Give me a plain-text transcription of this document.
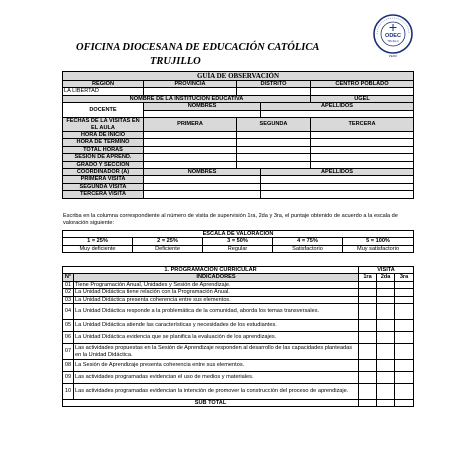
OFICINA DIOCESANA DE EDUCACIÓN CATÓLICA
TRUJILLO
ODEC
TRUJILLO
PERÚ
GUÍA DE OBSERVACIÓN				
REGIÓN	PROVINCIA	DISTRITO		CENTRO POBLADO
LA LIBERTAD				
NOMBRE DE LA INSTITUCIÓN EDUCATIVA				UGEL
DOCENTE	NOMBRES		APELLIDOS	

FECHAS DE LA VISITAS EN EL AULA	PRIMERA	SEGUNDA		TERCERA
HORA DE INICIO				
HORA DE TÉRMINO				
TOTAL HORAS				
SESIÓN DE APREND.				
GRADO Y SECCIÓN				
COORDINADOR (A)	NOMBRES		APELLIDOS	
PRIMERA VISITA				
SEGUNDA VISITA				
TERCERA VISITA				
Escriba en la columna correspondiente al número de visita de supervisión 1ra, 2da y 3ra, el puntaje obtenido de acuerdo a la escala de valoración siguiente:
ESCALA DE VALORACIÓN				
1 = 25%	2 = 25%	3 = 50%	4 = 75%	5 = 100%
Muy deficiente	Deficiente	Regular	Satisfactorio	Muy satisfactorio
1. PROGRAMACIÓN CURRICULAR		VISITA		
N°	INDICADORES	1ra	2da	3ra
01	Tiene Programación Anual, Unidades y Sesión de Aprendizaje.			
02	La Unidad Didáctica tiene relación con la Programación Anual.			
03	La Unidad Didáctica presenta coherencia entre sus elementos.			
04	La Unidad Didáctica responde a la problemática de la comunidad, aborda los temas transversales.			
05	La Unidad Didáctica atiende las características y necesidades de los estudiantes.			
06	La Unidad Didáctica evidencia que se planifica la evaluación de los aprendizajes.			
07	Las actividades propuestas en la Sesión de Aprendizaje responden al desarrollo de las capacidades planteadas en la Unidad Didáctica.			
08	La Sesión de Aprendizaje presenta coherencia entre sus elementos.			
09	Las actividades programadas evidencian el uso de medios y materiales.			
10	Las actividades programadas evidencian la intención de promover la construcción del proceso de aprendizaje.			
SUB TOTAL				
